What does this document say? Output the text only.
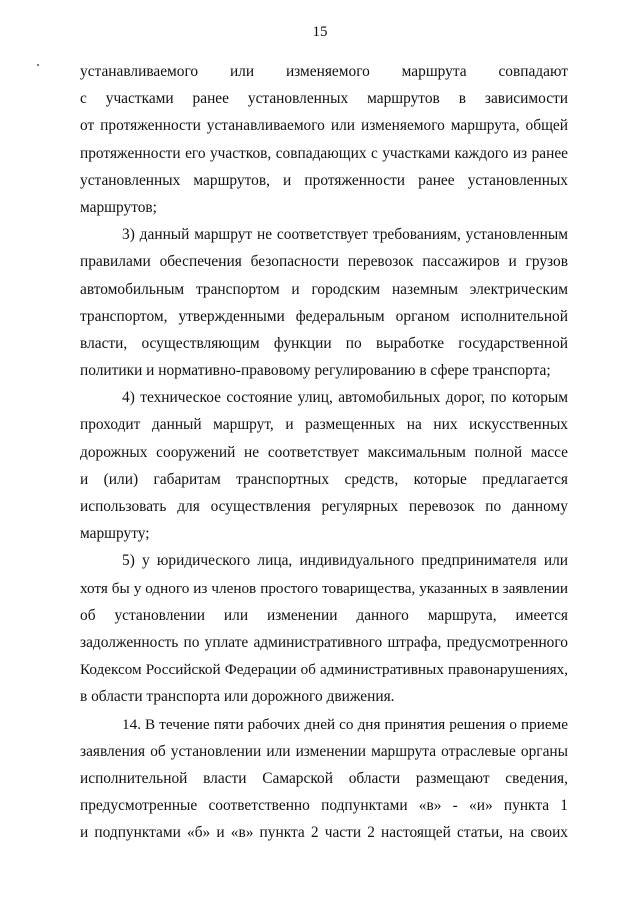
15
устанавливаемого или изменяемого маршрута совпадают
с участками ранее установленных маршрутов в зависимости
от протяженности устанавливаемого или изменяемого маршрута, общей
протяженности его участков, совпадающих с участками каждого из ранее
установленных маршрутов, и протяженности ранее установленных
маршрутов;
3) данный маршрут не соответствует требованиям, установленным
правилами обеспечения безопасности перевозок пассажиров и грузов
автомобильным транспортом и городским наземным электрическим
транспортом, утвержденными федеральным органом исполнительной
власти, осуществляющим функции по выработке государственной
политики и нормативно-правовому регулированию в сфере транспорта;
4) техническое состояние улиц, автомобильных дорог, по которым
проходит данный маршрут, и размещенных на них искусственных
дорожных сооружений не соответствует максимальным полной массе
и (или) габаритам транспортных средств, которые предлагается
использовать для осуществления регулярных перевозок по данному
маршруту;
5) у юридического лица, индивидуального предпринимателя или
хотя бы у одного из членов простого товарищества, указанных в заявлении
об установлении или изменении данного маршрута, имеется
задолженность по уплате административного штрафа, предусмотренного
Кодексом Российской Федерации об административных правонарушениях,
в области транспорта или дорожного движения.
14. В течение пяти рабочих дней со дня принятия решения о приеме
заявления об установлении или изменении маршрута отраслевые органы
исполнительной власти Самарской области размещают сведения,
предусмотренные соответственно подпунктами «в» - «и» пункта 1
и подпунктами «б» и «в» пункта 2 части 2 настоящей статьи, на своих
